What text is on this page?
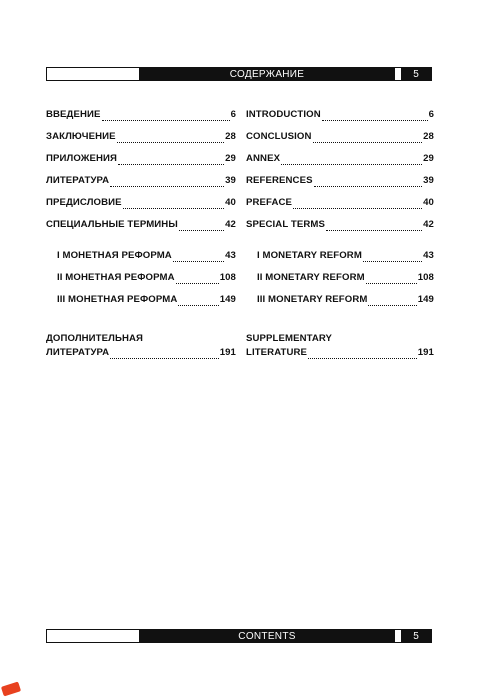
СОДЕРЖАНИЕ	5
ВВЕДЕНИЕ	6
ЗАКЛЮЧЕНИЕ	28
ПРИЛОЖЕНИЯ	29
ЛИТЕРАТУРА	39
ПРЕДИСЛОВИЕ	40
СПЕЦИАЛЬНЫЕ ТЕРМИНЫ	42
INTRODUCTION	6
CONCLUSION	28
ANNEX	29
REFERENCES	39
PREFACE	40
SPECIAL TERMS	42
I МОНЕТНАЯ РЕФОРМА	43
II МОНЕТНАЯ РЕФОРМА	108
III МОНЕТНАЯ РЕФОРМА	149
I MONETARY REFORM	43
II MONETARY REFORM	108
III MONETARY REFORM	149
ДОПОЛНИТЕЛЬНАЯ
ЛИТЕРАТУРА	191
SUPPLEMENTARY
LITERATURE	191
CONTENTS	5
